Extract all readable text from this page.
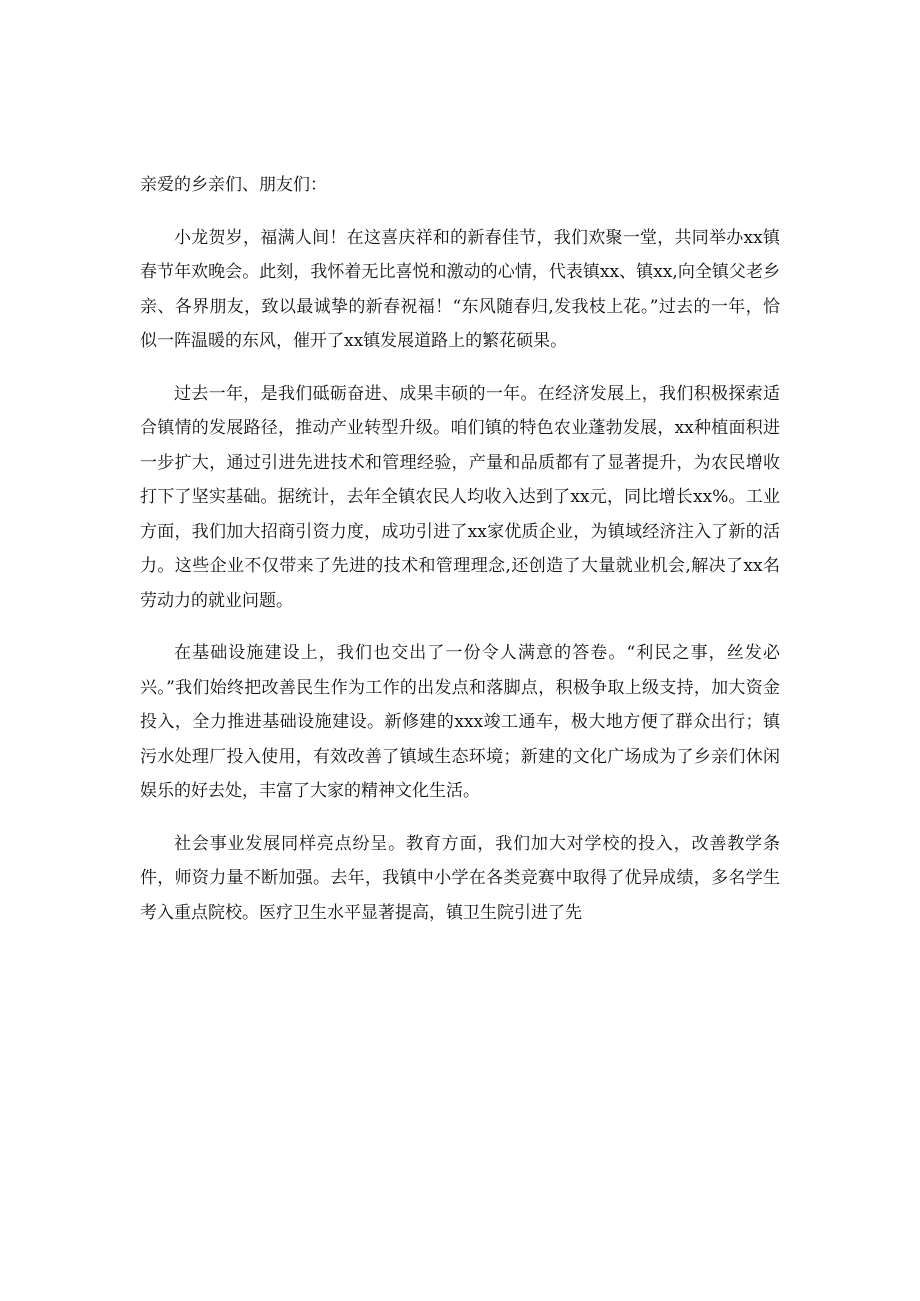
亲爱的乡亲们、朋友们：

小龙贺岁，福满人间！在这喜庆祥和的新春佳节，我们欢聚一堂，共同举办xx镇春节年欢晚会。此刻，我怀着无比喜悦和激动的心情，代表镇xx、镇xx,向全镇父老乡亲、各界朋友，致以最诚挚的新春祝福！“东风随春归,发我枝上花。”过去的一年，恰似一阵温暖的东风，催开了xx镇发展道路上的繁花硕果。

过去一年，是我们砥砺奋进、成果丰硕的一年。在经济发展上，我们积极探索适合镇情的发展路径，推动产业转型升级。咱们镇的特色农业蓬勃发展，xx种植面积进一步扩大，通过引进先进技术和管理经验，产量和品质都有了显著提升，为农民增收打下了坚实基础。据统计，去年全镇农民人均收入达到了xx元，同比增长xx%。工业方面，我们加大招商引资力度，成功引进了xx家优质企业，为镇域经济注入了新的活力。这些企业不仅带来了先进的技术和管理理念,还创造了大量就业机会,解决了xx名劳动力的就业问题。

在基础设施建设上，我们也交出了一份令人满意的答卷。“利民之事，丝发必兴。”我们始终把改善民生作为工作的出发点和落脚点，积极争取上级支持，加大资金投入，全力推进基础设施建设。新修建的xxx竣工通车，极大地方便了群众出行；镇污水处理厂投入使用，有效改善了镇域生态环境；新建的文化广场成为了乡亲们休闲娱乐的好去处，丰富了大家的精神文化生活。

社会事业发展同样亮点纷呈。教育方面，我们加大对学校的投入，改善教学条件，师资力量不断加强。去年，我镇中小学在各类竞赛中取得了优异成绩，多名学生考入重点院校。医疗卫生水平显著提高，镇卫生院引进了先
